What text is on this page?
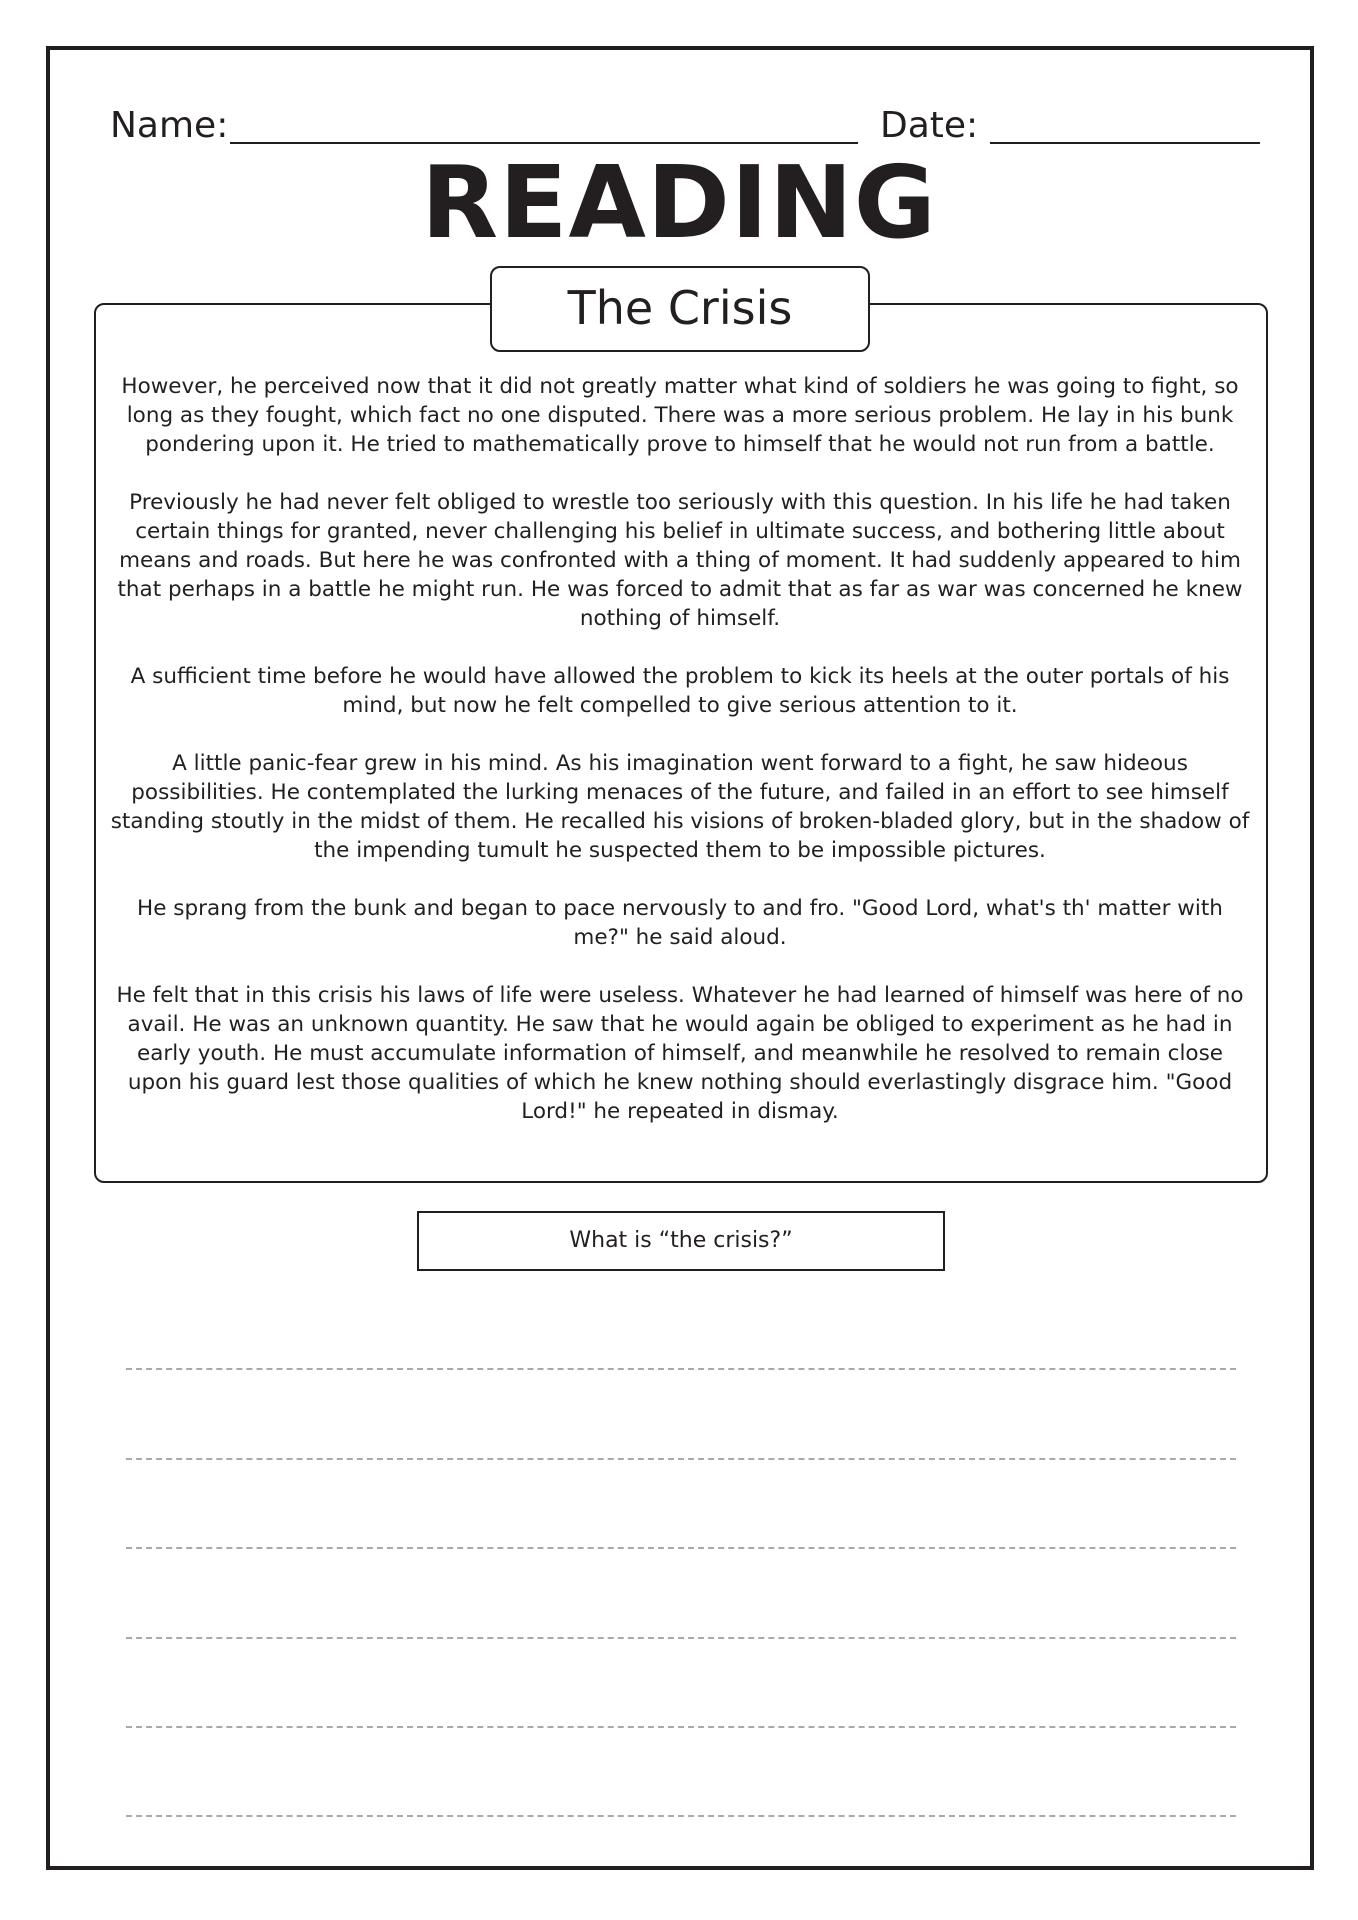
Name:	Date:
READING
The Crisis

However, he perceived now that it did not greatly matter what kind of soldiers he was going to fight, so long as they fought, which fact no one disputed. There was a more serious problem. He lay in his bunk pondering upon it. He tried to mathematically prove to himself that he would not run from a battle.

Previously he had never felt obliged to wrestle too seriously with this question. In his life he had taken certain things for granted, never challenging his belief in ultimate success, and bothering little about means and roads. But here he was confronted with a thing of moment. It had suddenly appeared to him that perhaps in a battle he might run. He was forced to admit that as far as war was concerned he knew nothing of himself.

A sufficient time before he would have allowed the problem to kick its heels at the outer portals of his mind, but now he felt compelled to give serious attention to it.

A little panic-fear grew in his mind. As his imagination went forward to a fight, he saw hideous possibilities. He contemplated the lurking menaces of the future, and failed in an effort to see himself standing stoutly in the midst of them. He recalled his visions of broken-bladed glory, but in the shadow of the impending tumult he suspected them to be impossible pictures.

He sprang from the bunk and began to pace nervously to and fro. "Good Lord, what's th' matter with me?" he said aloud.

He felt that in this crisis his laws of life were useless. Whatever he had learned of himself was here of no avail. He was an unknown quantity. He saw that he would again be obliged to experiment as he had in early youth. He must accumulate information of himself, and meanwhile he resolved to remain close upon his guard lest those qualities of which he knew nothing should everlastingly disgrace him. "Good Lord!" he repeated in dismay.

What is “the crisis?”
